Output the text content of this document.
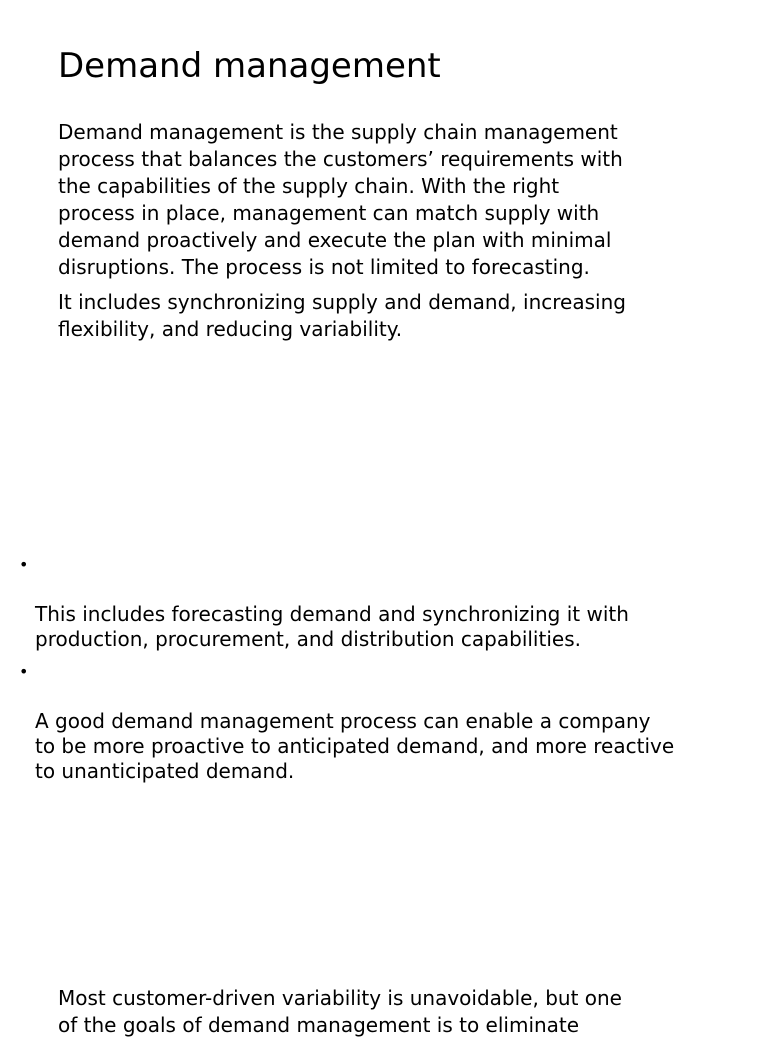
Demand management

Demand management is the supply chain management
process that balances the customers’ requirements with
the capabilities of the supply chain. With the right
process in place, management can match supply with
demand proactively and execute the plan with minimal
disruptions. The process is not limited to forecasting.

It includes synchronizing supply and demand, increasing
flexibility, and reducing variability.

•

This includes forecasting demand and synchronizing it with
production, procurement, and distribution capabilities.

•

A good demand management process can enable a company
to be more proactive to anticipated demand, and more reactive
to unanticipated demand.

Most customer-driven variability is unavoidable, but one
of the goals of demand management is to eliminate
